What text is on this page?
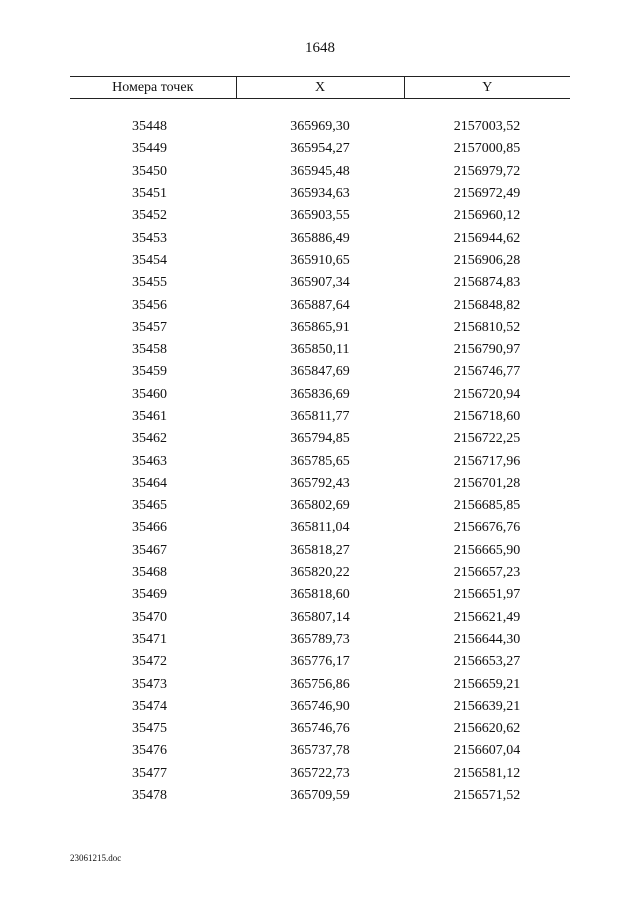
1648
Номера точек	X	Y

35448	365969,30	2157003,52
35449	365954,27	2157000,85
35450	365945,48	2156979,72
35451	365934,63	2156972,49
35452	365903,55	2156960,12
35453	365886,49	2156944,62
35454	365910,65	2156906,28
35455	365907,34	2156874,83
35456	365887,64	2156848,82
35457	365865,91	2156810,52
35458	365850,11	2156790,97
35459	365847,69	2156746,77
35460	365836,69	2156720,94
35461	365811,77	2156718,60
35462	365794,85	2156722,25
35463	365785,65	2156717,96
35464	365792,43	2156701,28
35465	365802,69	2156685,85
35466	365811,04	2156676,76
35467	365818,27	2156665,90
35468	365820,22	2156657,23
35469	365818,60	2156651,97
35470	365807,14	2156621,49
35471	365789,73	2156644,30
35472	365776,17	2156653,27
35473	365756,86	2156659,21
35474	365746,90	2156639,21
35475	365746,76	2156620,62
35476	365737,78	2156607,04
35477	365722,73	2156581,12
35478	365709,59	2156571,52
23061215.doc
